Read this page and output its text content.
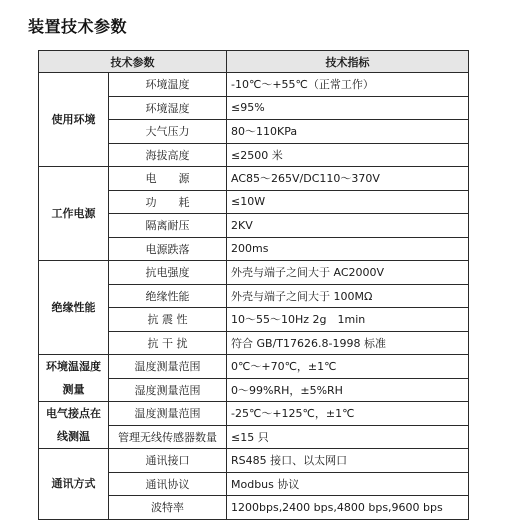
装置技术参数
技术参数		技术指标
使用环境	环境温度	-10℃～+55℃（正常工作）
	环境湿度	≤95%
	大气压力	80～110KPa
	海拔高度	≤2500 米
工作电源	电　　源	AC85～265V/DC110～370V
	功　　耗	≤10W
	隔离耐压	2KV
	电源跌落	200ms
绝缘性能	抗电强度	外壳与端子之间大于 AC2000V
	绝缘性能	外壳与端子之间大于 100MΩ
	抗 震 性	10～55～10Hz 2g　1min
	抗 干 扰	符合 GB/T17626.8-1998 标准
环境温湿度测量	温度测量范围	0℃～+70℃，±1℃
	湿度测量范围	0～99%RH，±5%RH
电气接点在线测温	温度测量范围	-25℃～+125℃，±1℃
	管理无线传感器数量	≤15 只
通讯方式	通讯接口	RS485 接口、以太网口
	通讯协议	Modbus 协议
	波特率	1200bps,2400 bps,4800 bps,9600 bps
